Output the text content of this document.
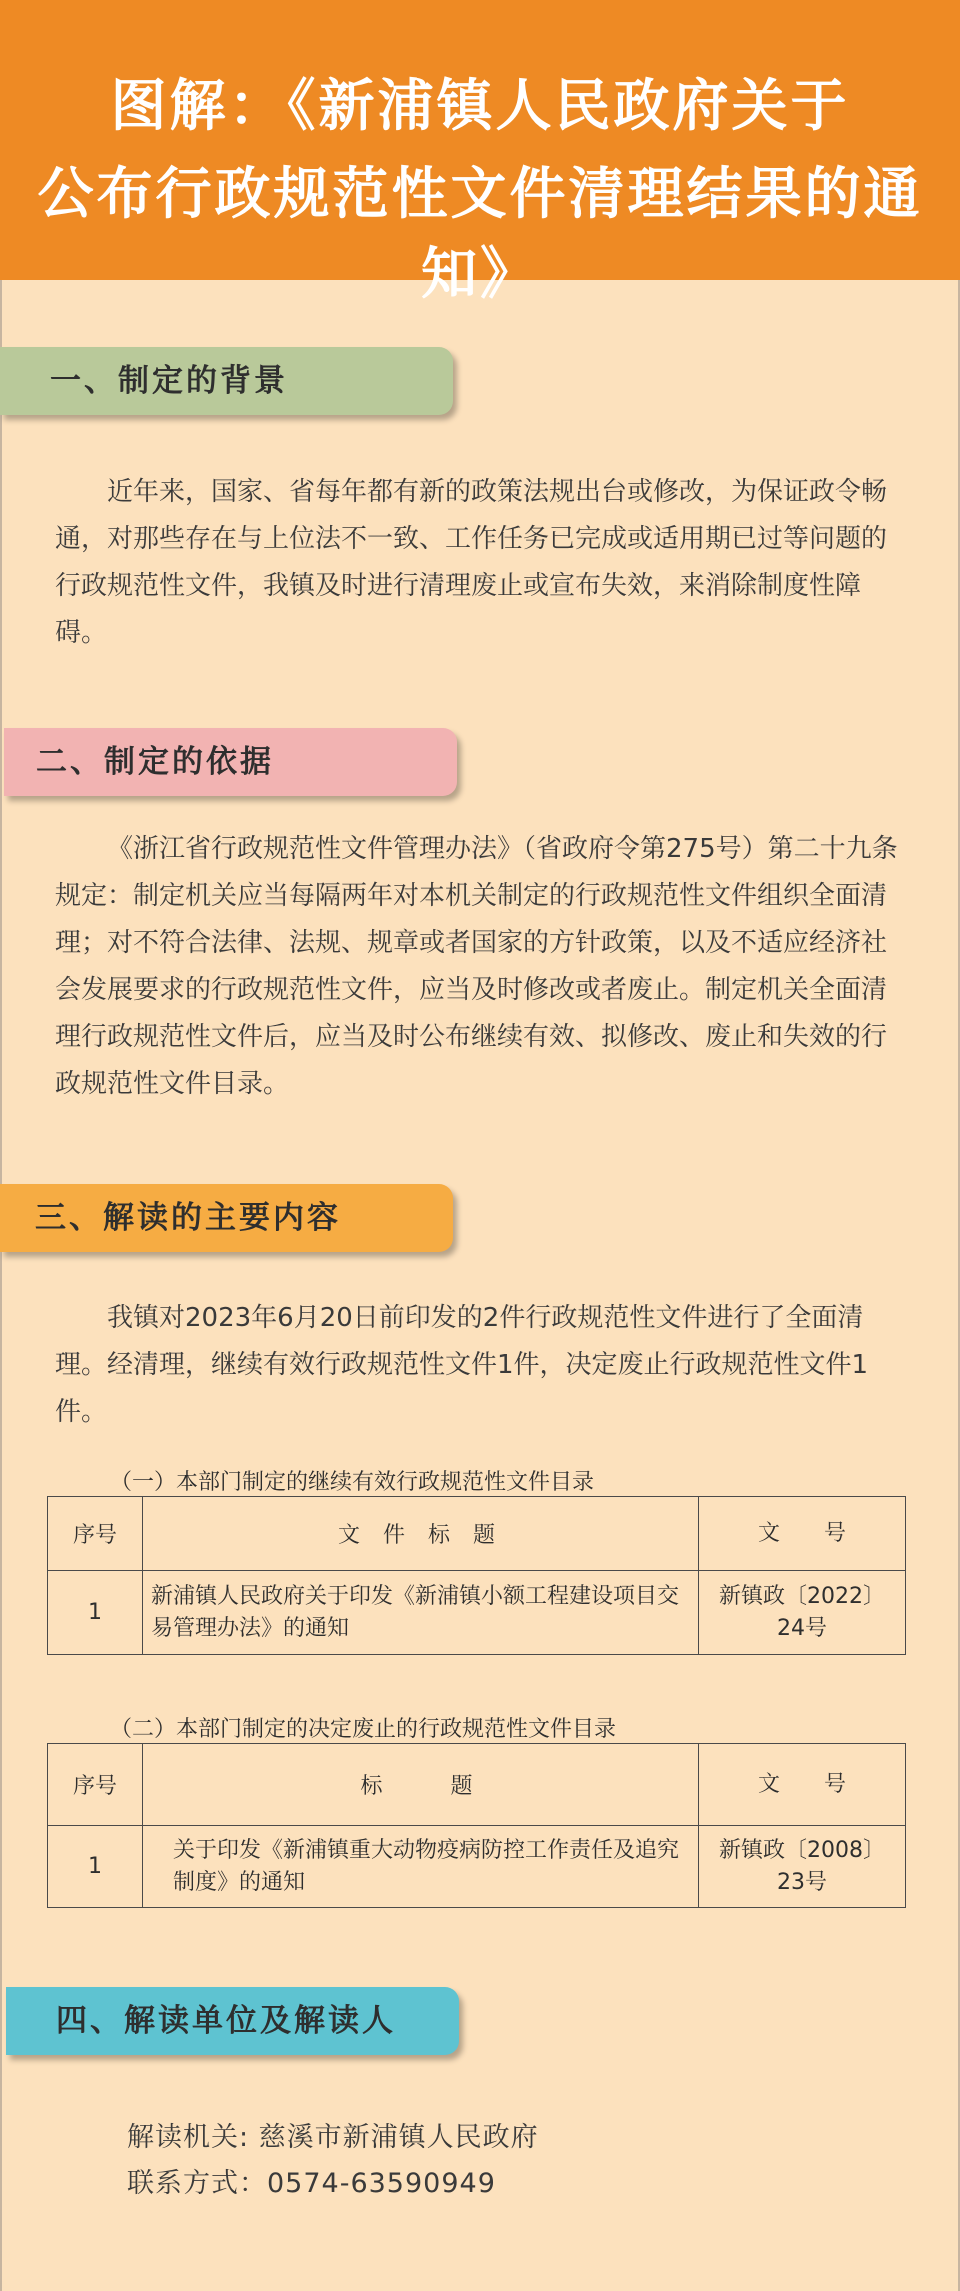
图解：《新浦镇人民政府关于
公布行政规范性文件清理结果的通知》
一、制定的背景

近年来，国家、省每年都有新的政策法规出台或修改，为保证政令畅通，对那些存在与上位法不一致、工作任务已完成或适用期已过等问题的行政规范性文件，我镇及时进行清理废止或宣布失效，来消除制度性障碍。

二、制定的依据

《浙江省行政规范性文件管理办法》（省政府令第275号）第二十九条规定：制定机关应当每隔两年对本机关制定的行政规范性文件组织全面清理；对不符合法律、法规、规章或者国家的方针政策，以及不适应经济社会发展要求的行政规范性文件，应当及时修改或者废止。制定机关全面清理行政规范性文件后，应当及时公布继续有效、拟修改、废止和失效的行政规范性文件目录。

三、解读的主要内容

我镇对2023年6月20日前印发的2件行政规范性文件进行了全面清理。经清理，继续有效行政规范性文件1件，决定废止行政规范性文件1件。

（一）本部门制定的继续有效行政规范性文件目录
序号	文 件 标 题	文　　号
1	新浦镇人民政府关于印发《新浦镇小额工程建设项目交易管理办法》的通知	新镇政〔2022〕24号
（二）本部门制定的决定废止的行政规范性文件目录
序号	标　　题	文　　号
1	关于印发《新浦镇重大动物疫病防控工作责任及追究制度》的通知	新镇政〔2008〕23号
四、解读单位及解读人
解读机关: 慈溪市新浦镇人民政府
联系方式：0574-63590949
